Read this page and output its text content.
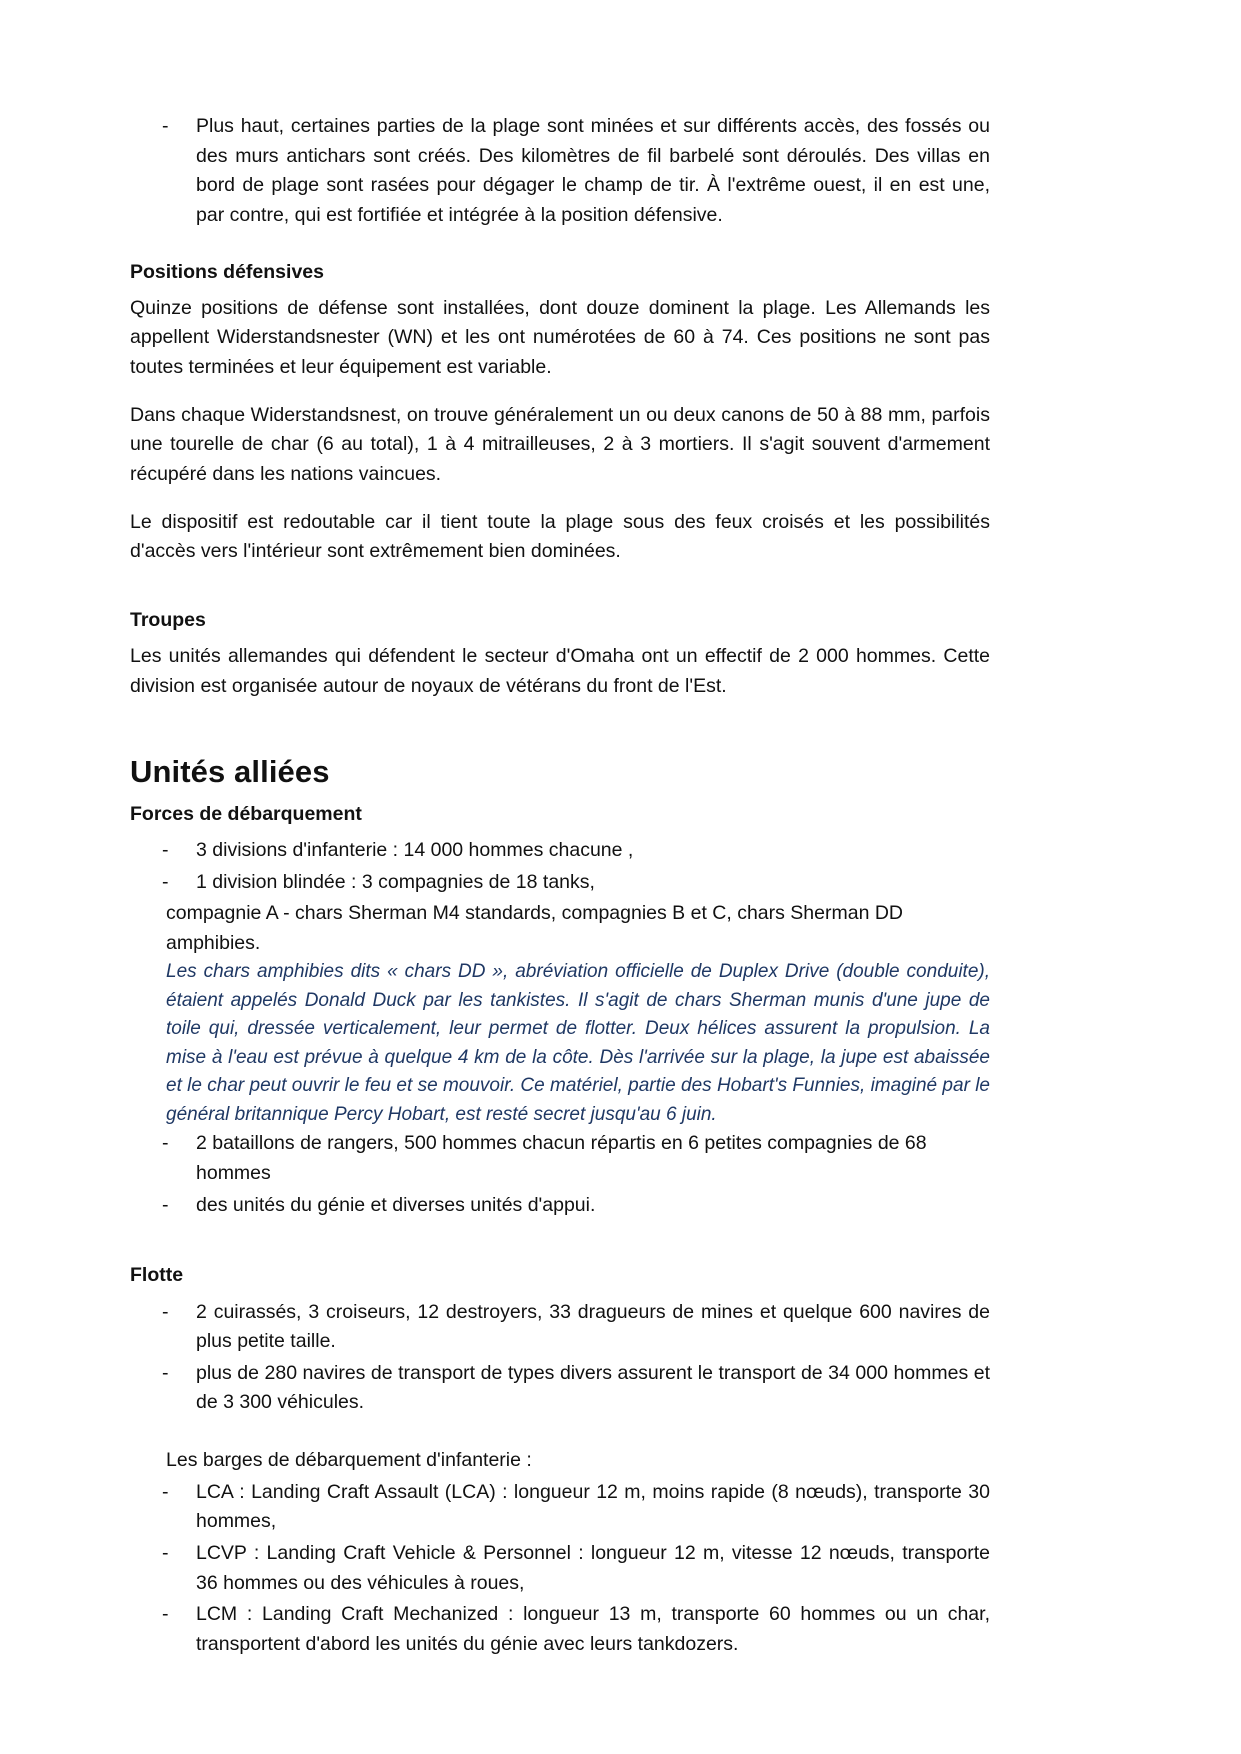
- Plus haut, certaines parties de la plage sont minées et sur différents accès, des fossés ou des murs antichars sont créés. Des kilomètres de fil barbelé sont déroulés. Des villas en bord de plage sont rasées pour dégager le champ de tir. À l'extrême ouest, il en est une, par contre, qui est fortifiée et intégrée à la position défensive.
Positions défensives

Quinze positions de défense sont installées, dont douze dominent la plage. Les Allemands les appellent Widerstandsnester (WN) et les ont numérotées de 60 à 74. Ces positions ne sont pas toutes terminées et leur équipement est variable.

Dans chaque Widerstandsnest, on trouve généralement un ou deux canons de 50 à 88 mm, parfois une tourelle de char (6 au total), 1 à 4 mitrailleuses, 2 à 3 mortiers. Il s'agit souvent d'armement récupéré dans les nations vaincues.

Le dispositif est redoutable car il tient toute la plage sous des feux croisés et les possibilités d'accès vers l'intérieur sont extrêmement bien dominées.

Troupes

Les unités allemandes qui défendent le secteur d'Omaha ont un effectif de 2 000 hommes. Cette division est organisée autour de noyaux de vétérans du front de l'Est.

Unités alliées
Forces de débarquement
- 3 divisions d'infanterie : 14 000 hommes chacune ,
- 1 division blindée : 3 compagnies de 18 tanks,

compagnie A - chars Sherman M4 standards, compagnies B et C, chars Sherman DD amphibies.

Les chars amphibies dits « chars DD », abréviation officielle de Duplex Drive (double conduite), étaient appelés Donald Duck par les tankistes. Il s'agit de chars Sherman munis d'une jupe de toile qui, dressée verticalement, leur permet de flotter. Deux hélices assurent la propulsion. La mise à l'eau est prévue à quelque 4 km de la côte. Dès l'arrivée sur la plage, la jupe est abaissée et le char peut ouvrir le feu et se mouvoir. Ce matériel, partie des Hobart's Funnies, imaginé par le général britannique Percy Hobart, est resté secret jusqu'au 6 juin.

- 2 bataillons de rangers, 500 hommes chacun répartis en 6 petites compagnies de 68 hommes
- des unités du génie et diverses unités d'appui.
Flotte
- 2 cuirassés, 3 croiseurs, 12 destroyers, 33 dragueurs de mines et quelque 600 navires de plus petite taille.
- plus de 280 navires de transport de types divers assurent le transport de 34 000 hommes et de 3 300 véhicules.

Les barges de débarquement d'infanterie :

- LCA : Landing Craft Assault (LCA) : longueur 12 m, moins rapide (8 nœuds), transporte 30 hommes,
- LCVP : Landing Craft Vehicle & Personnel : longueur 12 m, vitesse 12 nœuds, transporte 36 hommes ou des véhicules à roues,
- LCM : Landing Craft Mechanized : longueur 13 m, transporte 60 hommes ou un char, transportent d'abord les unités du génie avec leurs tankdozers.
